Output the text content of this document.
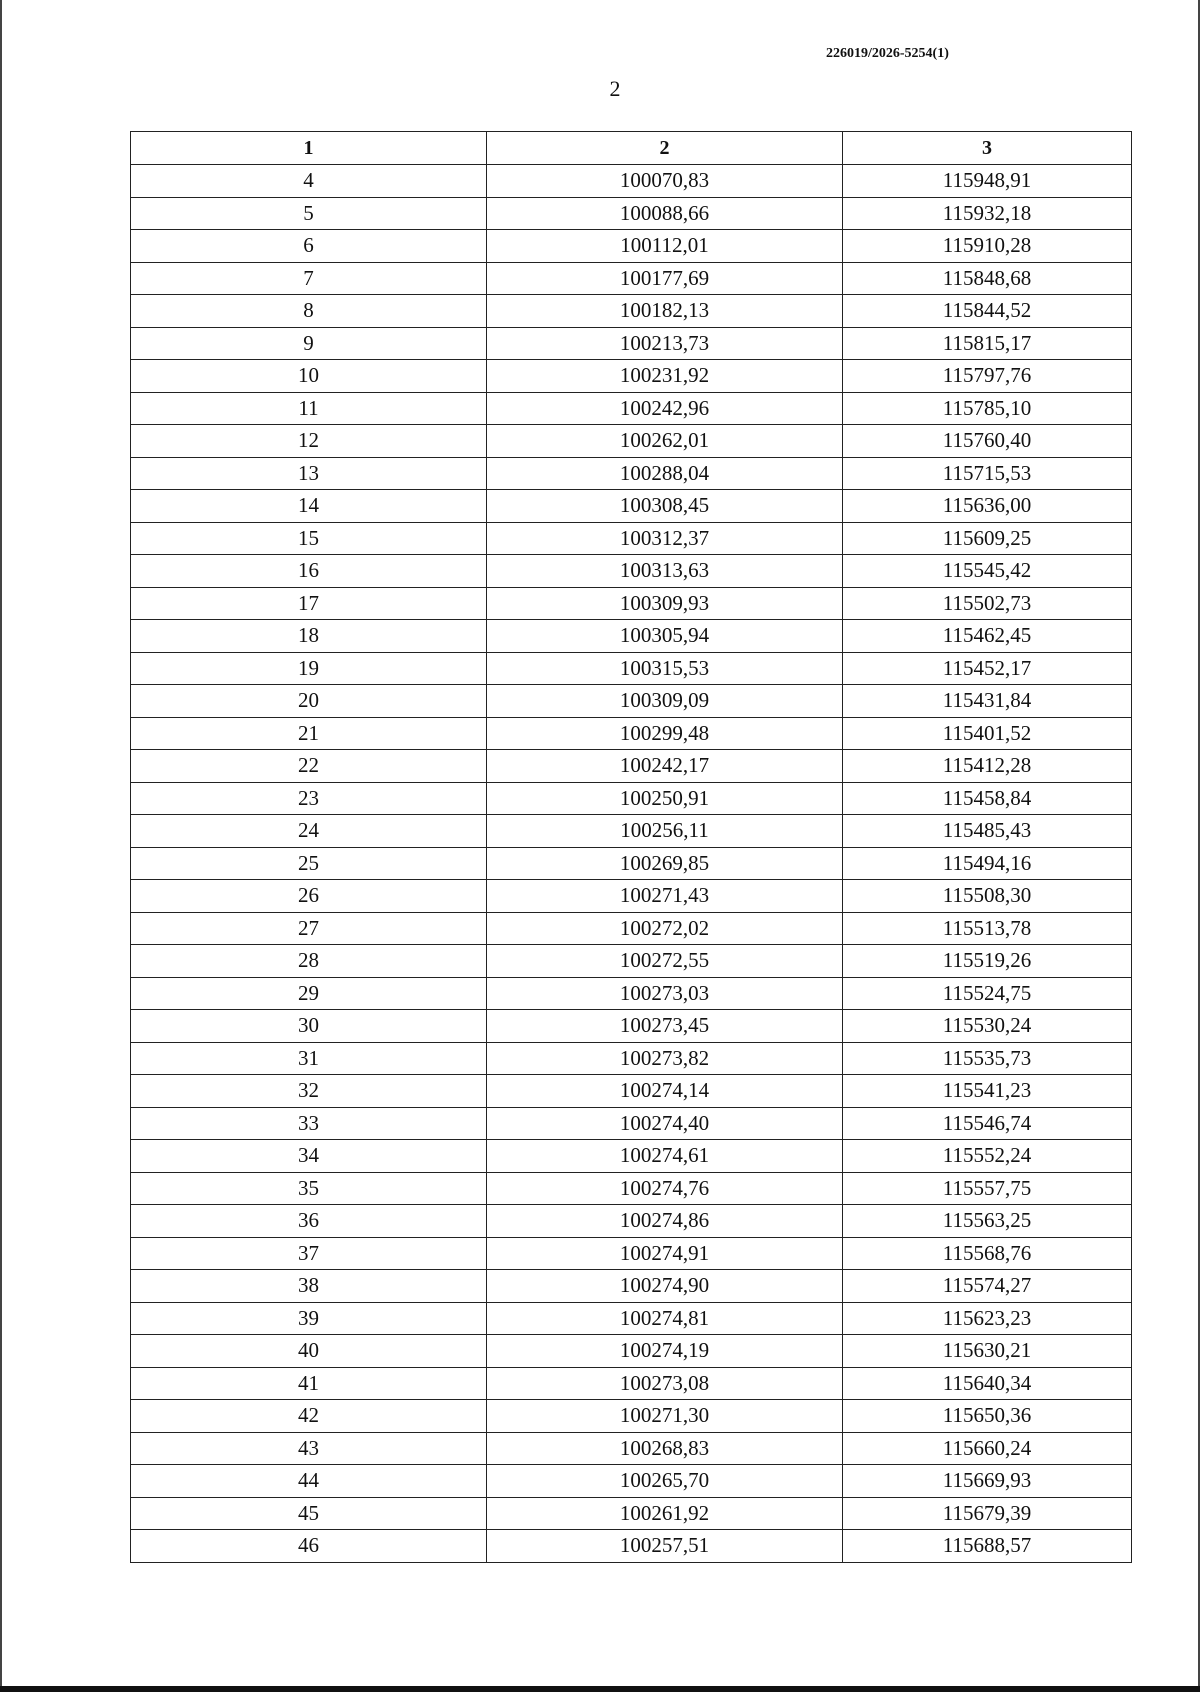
226019/2026-5254(1)
2
1	2	3
4	100070,83	115948,91
5	100088,66	115932,18
6	100112,01	115910,28
7	100177,69	115848,68
8	100182,13	115844,52
9	100213,73	115815,17
10	100231,92	115797,76
11	100242,96	115785,10
12	100262,01	115760,40
13	100288,04	115715,53
14	100308,45	115636,00
15	100312,37	115609,25
16	100313,63	115545,42
17	100309,93	115502,73
18	100305,94	115462,45
19	100315,53	115452,17
20	100309,09	115431,84
21	100299,48	115401,52
22	100242,17	115412,28
23	100250,91	115458,84
24	100256,11	115485,43
25	100269,85	115494,16
26	100271,43	115508,30
27	100272,02	115513,78
28	100272,55	115519,26
29	100273,03	115524,75
30	100273,45	115530,24
31	100273,82	115535,73
32	100274,14	115541,23
33	100274,40	115546,74
34	100274,61	115552,24
35	100274,76	115557,75
36	100274,86	115563,25
37	100274,91	115568,76
38	100274,90	115574,27
39	100274,81	115623,23
40	100274,19	115630,21
41	100273,08	115640,34
42	100271,30	115650,36
43	100268,83	115660,24
44	100265,70	115669,93
45	100261,92	115679,39
46	100257,51	115688,57
